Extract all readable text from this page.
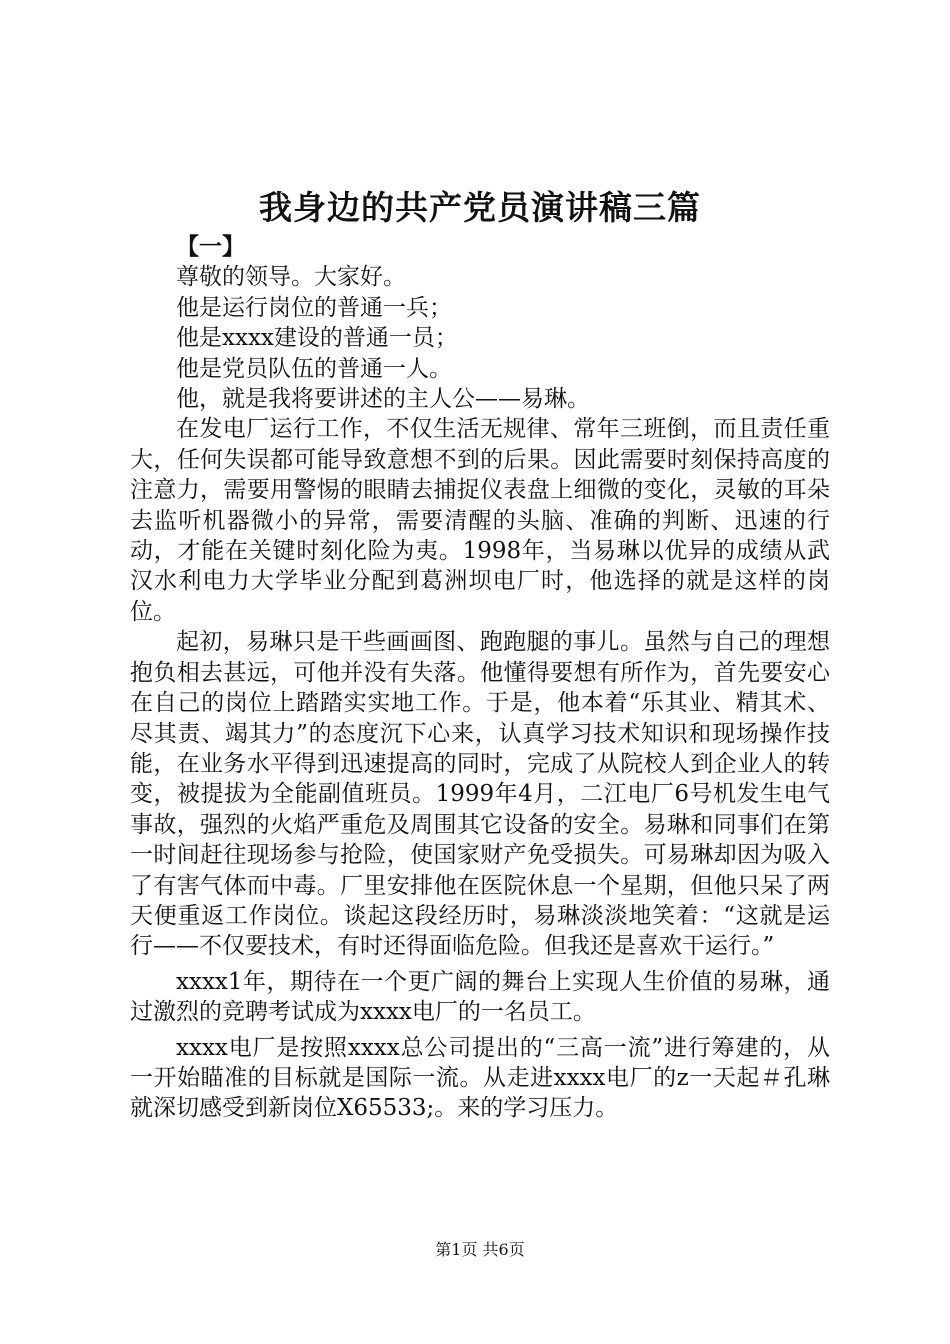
我身边的共产党员演讲稿三篇

【一】

尊敬的领导。大家好。

他是运行岗位的普通一兵；

他是xxxx建设的普通一员；

他是党员队伍的普通一人。

他，就是我将要讲述的主人公——易琳。

在发电厂运行工作，不仅生活无规律、常年三班倒，而且责任重大，任何失误都可能导致意想不到的后果。因此需要时刻保持高度的注意力，需要用警惕的眼睛去捕捉仪表盘上细微的变化，灵敏的耳朵去监听机器微小的异常，需要清醒的头脑、准确的判断、迅速的行动，才能在关键时刻化险为夷。1998年，当易琳以优异的成绩从武汉水利电力大学毕业分配到葛洲坝电厂时，他选择的就是这样的岗位。

起初，易琳只是干些画画图、跑跑腿的事儿。虽然与自己的理想抱负相去甚远，可他并没有失落。他懂得要想有所作为，首先要安心在自己的岗位上踏踏实实地工作。于是，他本着“乐其业、精其术、尽其责、竭其力”的态度沉下心来，认真学习技术知识和现场操作技能，在业务水平得到迅速提高的同时，完成了从院校人到企业人的转变，被提拔为全能副值班员。1999年4月，二江电厂6号机发生电气事故，强烈的火焰严重危及周围其它设备的安全。易琳和同事们在第一时间赶往现场参与抢险，使国家财产免受损失。可易琳却因为吸入了有害气体而中毒。厂里安排他在医院休息一个星期，但他只呆了两天便重返工作岗位。谈起这段经历时，易琳淡淡地笑着：“这就是运行——不仅要技术，有时还得面临危险。但我还是喜欢干运行。”

xxxx1年，期待在一个更广阔的舞台上实现人生价值的易琳，通过激烈的竞聘考试成为xxxx电厂的一名员工。

xxxx电厂是按照xxxx总公司提出的“三高一流”进行筹建的，从一开始瞄准的目标就是国际一流。从走进xxxx电厂的z一天起＃孔琳就深切感受到新岗位X65533;。来的学习压力。

第1页 共6页
